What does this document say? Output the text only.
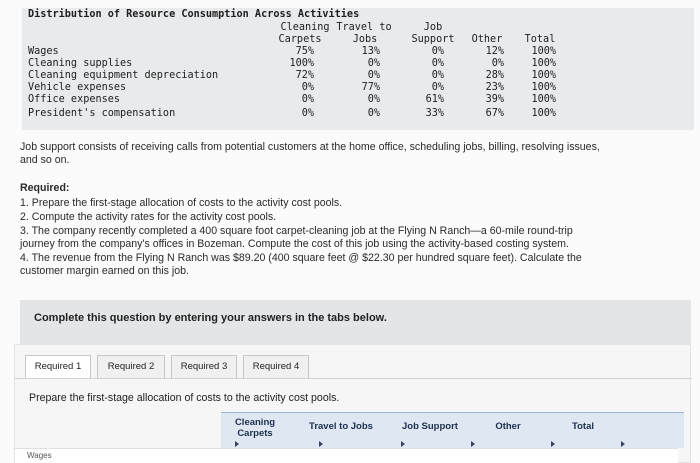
Distribution of Resource Consumption Across Activities
Cleaning Travel to	Job
Carpets	Jobs	Support	Other	Total
Wages	75%	13%	0%	12%	100%
Cleaning supplies	100%	0%	0%	0%	100%
Cleaning equipment depreciation	72%	0%	0%	28%	100%
Vehicle expenses	0%	77%	0%	23%	100%
Office expenses	0%	0%	61%	39%	100%
President's compensation	0%	0%	33%	67%	100%
Job support consists of receiving calls from potential customers at the home office, scheduling jobs, billing, resolving issues,
and so on.
Required:
1. Prepare the first-stage allocation of costs to the activity cost pools.
2. Compute the activity rates for the activity cost pools.
3. The company recently completed a 400 square foot carpet-cleaning job at the Flying N Ranch—a 60-mile round-trip
journey from the company's offices in Bozeman. Compute the cost of this job using the activity-based costing system.
4. The revenue from the Flying N Ranch was $89.20 (400 square feet @ $22.30 per hundred square feet). Calculate the
customer margin earned on this job.
Complete this question by entering your answers in the tabs below.
Required 1	Required 2	Required 3	Required 4
Prepare the first-stage allocation of costs to the activity cost pools.
Cleaning
Carpets
Travel to Jobs	Job Support	Other	Total
Wages
